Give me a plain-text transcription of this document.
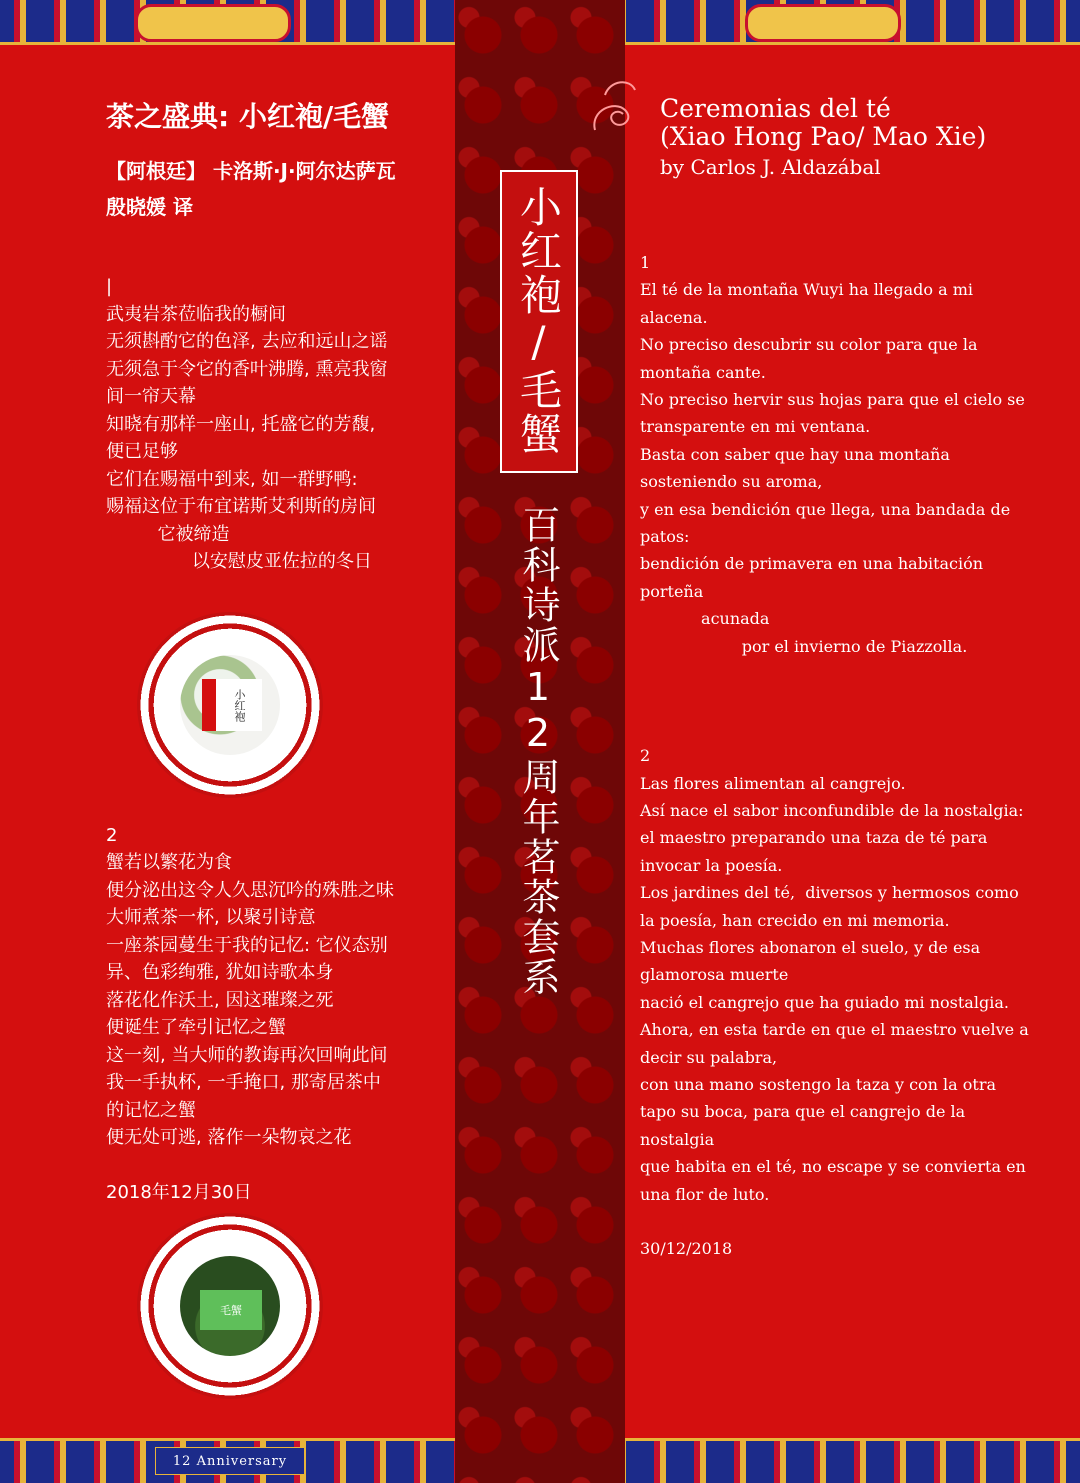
小红袍/毛蟹
百科诗派12周年茗茶套系
茶之盛典: 小红袍/毛蟹
【阿根廷】 卡洛斯·J·阿尔达萨瓦
殷晓媛 译
|
武夷岩茶莅临我的橱间
无须斟酌它的色泽, 去应和远山之谣
无须急于令它的香叶沸腾, 熏亮我窗
间一帘天幕
知晓有那样一座山, 托盛它的芳馥,
便已足够
它们在赐福中到来, 如一群野鸭:
赐福这位于布宜诺斯艾利斯的房间
它被缔造
以安慰皮亚佐拉的冬日
2
蟹若以繁花为食
便分泌出这令人久思沉吟的殊胜之味
大师煮茶一杯, 以聚引诗意
一座茶园蔓生于我的记忆: 它仪态别
异、色彩绚雅, 犹如诗歌本身
落花化作沃土, 因这璀璨之死
便诞生了牵引记忆之蟹
这一刻, 当大师的教诲再次回响此间
我一手执杯, 一手掩口, 那寄居茶中
的记忆之蟹
便无处可逃, 落作一朵物哀之花
2018年12月30日
小红袍
毛蟹
Ceremonias del té
(Xiao Hong Pao/ Mao Xie)
by Carlos J. Aldazábal
1
El té de la montaña Wuyi ha llegado a mi
alacena.
No preciso descubrir su color para que la
montaña cante.
No preciso hervir sus hojas para que el cielo se
transparente en mi ventana.
Basta con saber que hay una montaña
sosteniendo su aroma,
y en esa bendición que llega, una bandada de
patos:
bendición de primavera en una habitación
porteña
acunada
por el invierno de Piazzolla.
2
Las flores alimentan al cangrejo.
Así nace el sabor inconfundible de la nostalgia:
el maestro preparando una taza de té para
invocar la poesía.
Los jardines del té,  diversos y hermosos como
la poesía, han crecido en mi memoria.
Muchas flores abonaron el suelo, y de esa
glamorosa muerte
nació el cangrejo que ha guiado mi nostalgia.
Ahora, en esta tarde en que el maestro vuelve a
decir su palabra,
con una mano sostengo la taza y con la otra
tapo su boca, para que el cangrejo de la
nostalgia
que habita en el té, no escape y se convierta en
una flor de luto.
30/12/2018
12 Anniversary
